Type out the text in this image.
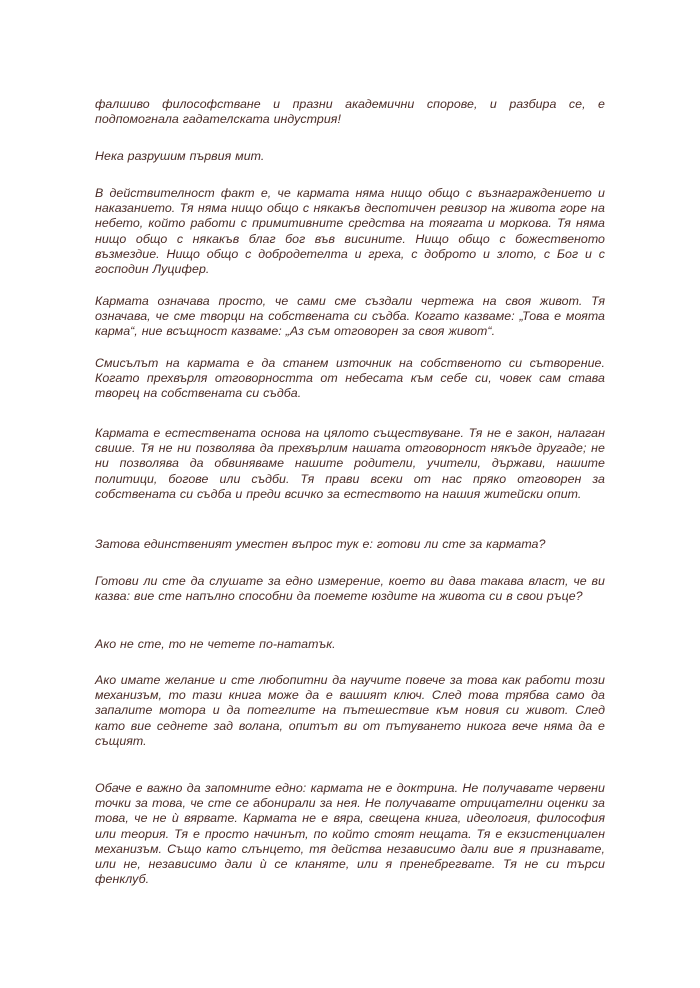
фалшиво философстване и празни академични спорове, и разбира се, е подпомогнала гадателската индустрия!

Нека разрушим първия мит.

В действителност факт е, че кармата няма нищо общо с възнаграждението и наказанието. Тя няма нищо общо с някакъв деспотичен ревизор на живота горе на небето, който работи с примитивните средства на тоягата и моркова. Тя няма нищо общо с някакъв благ бог във висините. Нищо общо с божественото възмездие. Нищо общо с добродетелта и греха, с доброто и злото, с Бог и с господин Луцифер.

Кармата означава просто, че сами сме създали чертежа на своя живот. Тя означава, че сме творци на собствената си съдба. Когато казваме: „Това е моята карма“, ние всъщност казваме: „Аз съм отговорен за своя живот“.

Смисълът на кармата е да станем източник на собственото си сътворение. Когато прехвърля отговорността от небесата към себе си, човек сам става творец на собствената си съдба.

Кармата е естествената основа на цялото съществуване. Тя не е закон, налаган свише. Тя не ни позволява да прехвърлим нашата отговорност някъде другаде; не ни позволява да обвиняваме нашите родители, учители, държави, нашите политици, богове или съдби. Тя прави всеки от нас пряко отговорен за собствената си съдба и преди всичко за естеството на нашия житейски опит.

Затова единственият уместен въпрос тук е: готови ли сте за кармата?

Готови ли сте да слушате за едно измерение, което ви дава такава власт, че ви казва: вие сте напълно способни да поемете юздите на живота си в свои ръце?

Ако не сте, то не четете по-нататък.

Ако имате желание и сте любопитни да научите повече за това как работи този механизъм, то тази книга може да е вашият ключ. След това трябва само да запалите мотора и да потеглите на пътешествие към новия си живот. След като вие седнете зад волана, опитът ви от пътуването никога вече няма да е същият.

Обаче е важно да запомните едно: кармата не е доктрина. Не получавате червени точки за това, че сте се абонирали за нея. Не получавате отрицателни оценки за това, че не ѝ вярвате. Кармата не е вяра, свещена книга, идеология, философия или теория. Тя е просто начинът, по който стоят нещата. Тя е екзистенциален механизъм. Също като слънцето, тя действа независимо дали вие я признавате, или не, независимо дали ѝ се кланяте, или я пренебрегвате. Тя не си търси фенклуб.
